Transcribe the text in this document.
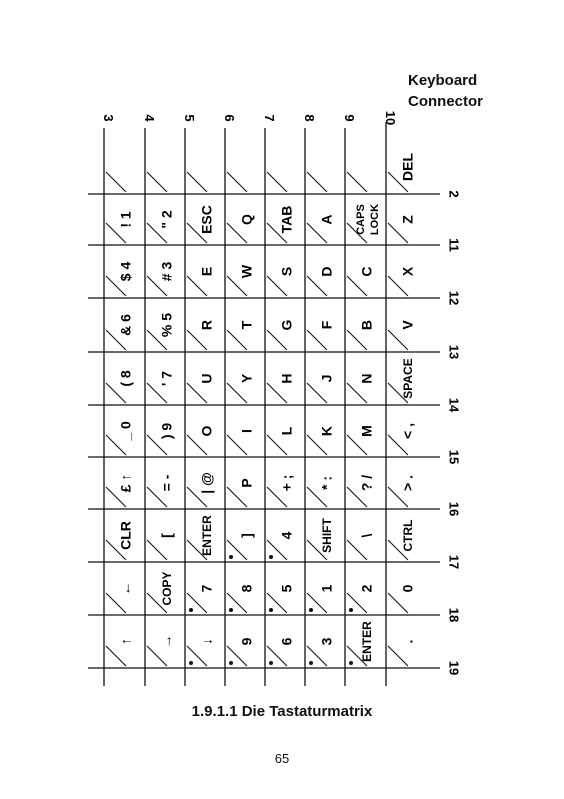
Keyboard
Connector
3 4 5 6 7 8 9 10
2
11
12
13
14
15
16
17
18
19
DEL
! 1 " 2 ESC Q TAB A CAPS LOCK Z
$ 4 # 3 E W S D C X
& 6 % 5 R T G F B V
( 8 ' 7 U Y H J N SPACE
_ 0 ) 9 O I L K M < ,
£ ↑ = - | @ P + ; * : ? / > .
CLR [ ENTER ] 4 SHIFT \ CTRL
← COPY 7 8 5 1 2 0
↑ → ↓ 9 6 3 ENTER .
1.9.1.1 Die Tastaturmatrix
65
